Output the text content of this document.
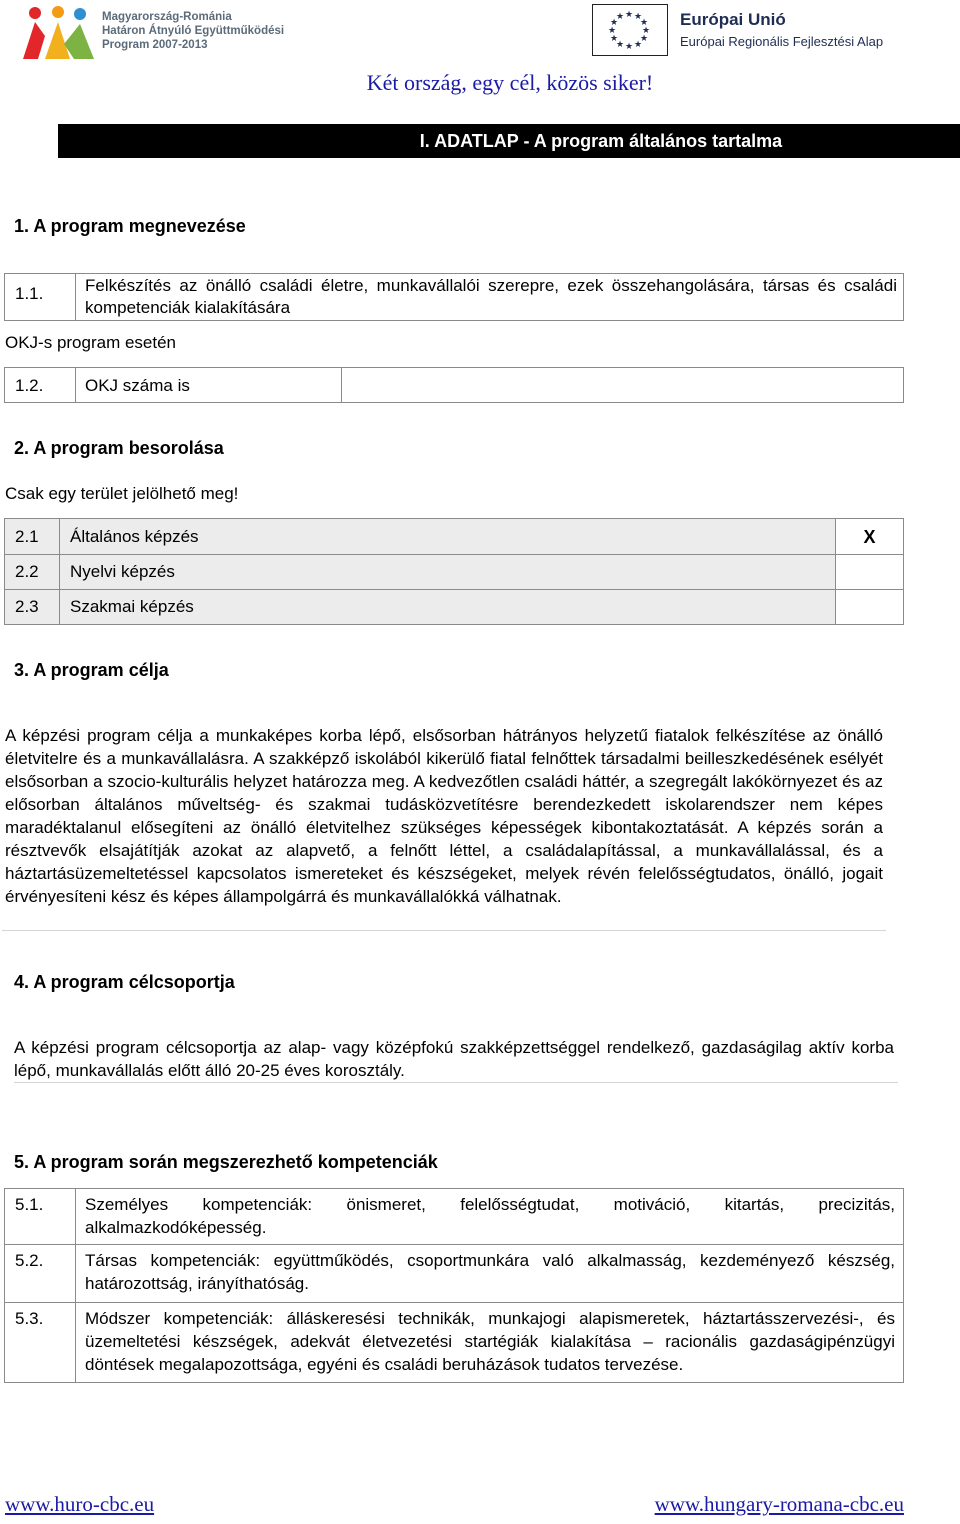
Magyarország-Románia
Határon Átnyúló Együttműködési
Program 2007-2013
★ ★
★
★
★
★
★
★
★
★
★
★	Európai Unió
Európai Regionális Fejlesztési Alap
Két ország, egy cél, közös siker!
I. ADATLAP - A program általános tartalma
1. A program megnevezése
1.1. Felkészítés az önálló családi életre, munkavállalói szerepre, ezek összehangolására, társas és családi kompetenciák kialakítására
OKJ-s program esetén
1.2. OKJ száma is
2. A program besorolása
Csak egy terület jelölhető meg!
2.1 Általános képzés	X
2.2 Nyelvi képzés
2.3 Szakmai képzés
3. A program célja
A képzési program célja a munkaképes korba lépő, elsősorban hátrányos helyzetű fiatalok felkészítése az önálló életvitelre és a munkavállalásra. A szakképző iskolából kikerülő fiatal felnőttek társadalmi beilleszkedésének esélyét elsősorban a szocio-kulturális helyzet határozza meg. A kedvezőtlen családi háttér, a szegregált lakókörnyezet és az elősorban általános műveltség- és szakmai tudásközvetítésre berendezkedett iskolarendszer nem képes maradéktalanul elősegíteni az önálló életvitelhez szükséges képességek kibontakoztatását. A képzés során a résztvevők elsajátítják azokat az alapvető, a felnőtt léttel, a családalapítással, a munkavállalással, és a háztartásüzemeltetéssel kapcsolatos ismereteket és készségeket, melyek révén felelősségtudatos, önálló, jogait érvényesíteni kész és képes állampolgárrá és munkavállalókká válhatnak.
4. A program célcsoportja
A képzési program célcsoportja az alap- vagy középfokú szakképzettséggel rendelkező, gazdaságilag aktív korba lépő, munkavállalás előtt álló 20-25 éves korosztály.
5. A program során megszerezhető kompetenciák
5.1. Személyes kompetenciák: önismeret, felelősségtudat, motiváció, kitartás, precizitás, alkalmazkodóképesség.
5.2. Társas kompetenciák: együttműködés, csoportmunkára való alkalmasság, kezdeményező készség, határozottság, irányíthatóság.
5.3. Módszer kompetenciák: álláskeresési technikák, munkajogi alapismeretek, háztartásszervezési-, és üzemeltetési készségek, adekvát életvezetési startégiák kialakítása – racionális gazdaságipénzügyi döntések megalapozottsága, egyéni és családi beruházások tudatos tervezése.
www.huro-cbc.eu	www.hungary-romana-cbc.eu
